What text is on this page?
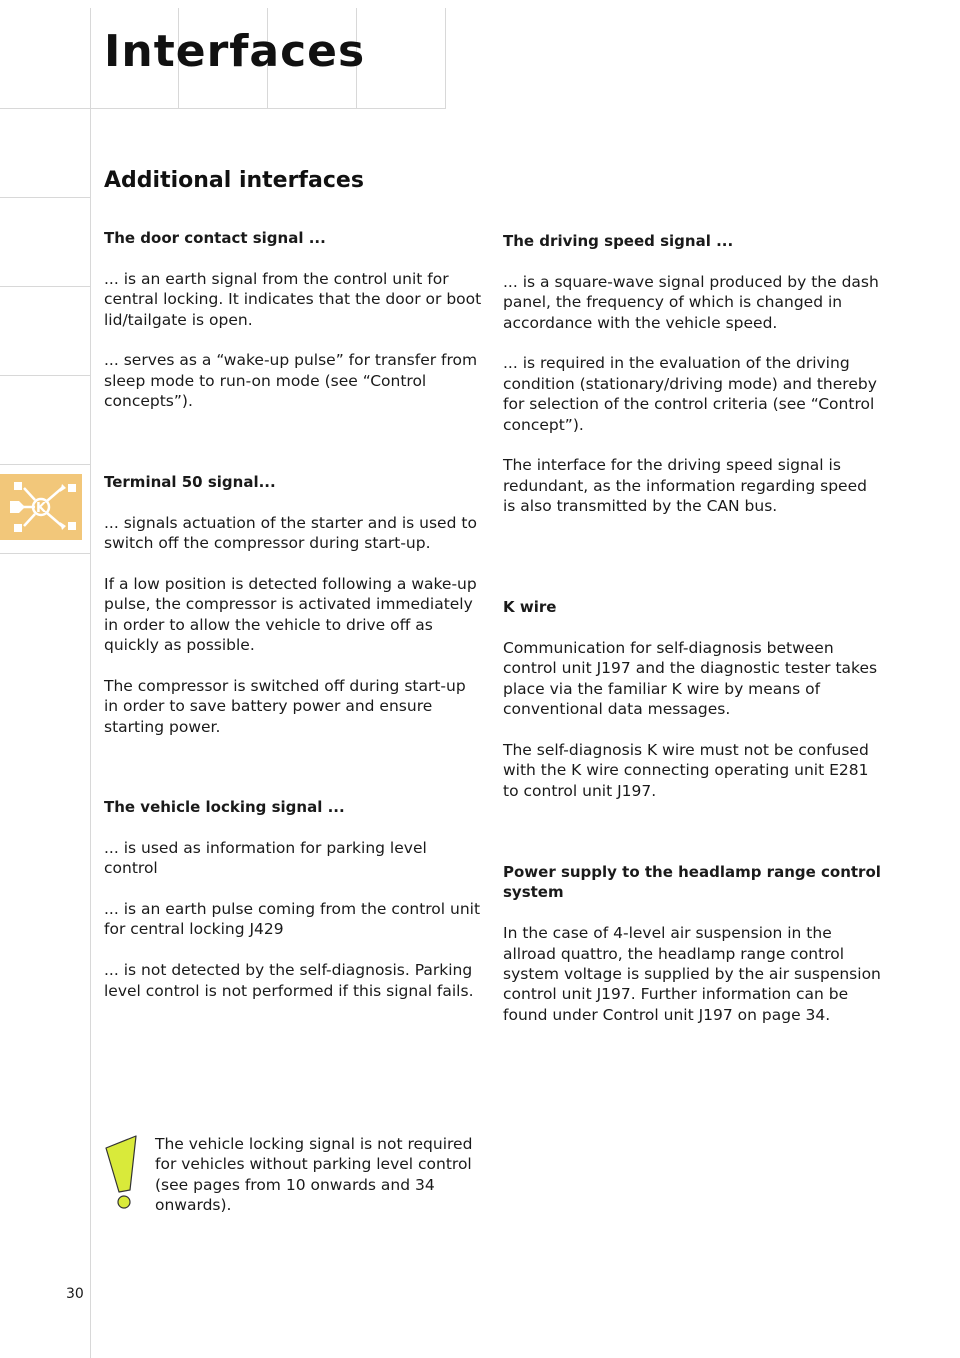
Interfaces
Additional interfaces
K
The door contact signal ...

... is an earth signal from the control unit for central locking. It indicates that the door or boot lid/tailgate is open.

... serves as a “wake-up pulse” for transfer from sleep mode to run-on mode (see “Control concepts”).

Terminal 50 signal...

... signals actuation of the starter and is used to switch off the compressor during start-up.

If a low position is detected following a wake-up pulse, the compressor is activated immediately in order to allow the vehicle to drive off as quickly as possible.

The compressor is switched off during start-up in order to save battery power and ensure starting power.

The vehicle locking signal ...

... is used as information for parking level control

... is an earth pulse coming from the control unit for central locking J429

... is not detected by the self-diagnosis. Parking level control is not performed if this signal fails.

The driving speed signal ...

... is a square-wave signal produced by the dash panel, the frequency of which is changed in accordance with the vehicle speed.

... is required in the evaluation of the driving condition (stationary/driving mode) and thereby for selection of the control criteria (see “Control concept”).

The interface for the driving speed signal is redundant, as the information regarding speed is also transmitted by the CAN bus.

K wire

Communication for self-diagnosis between control unit J197 and the diagnostic tester takes place via the familiar K wire by means of conventional data messages.

The self-diagnosis K wire must not be confused with the K wire connecting operating unit E281 to control unit J197.

Power supply to the headlamp range control system

In the case of 4-level air suspension in the allroad quattro, the headlamp range control system voltage is supplied by the air suspension control unit J197. Further information can be found under Control unit J197 on page 34.

The vehicle locking signal is not required for vehicles without parking level control (see pages from 10 onwards and 34 onwards).

30
